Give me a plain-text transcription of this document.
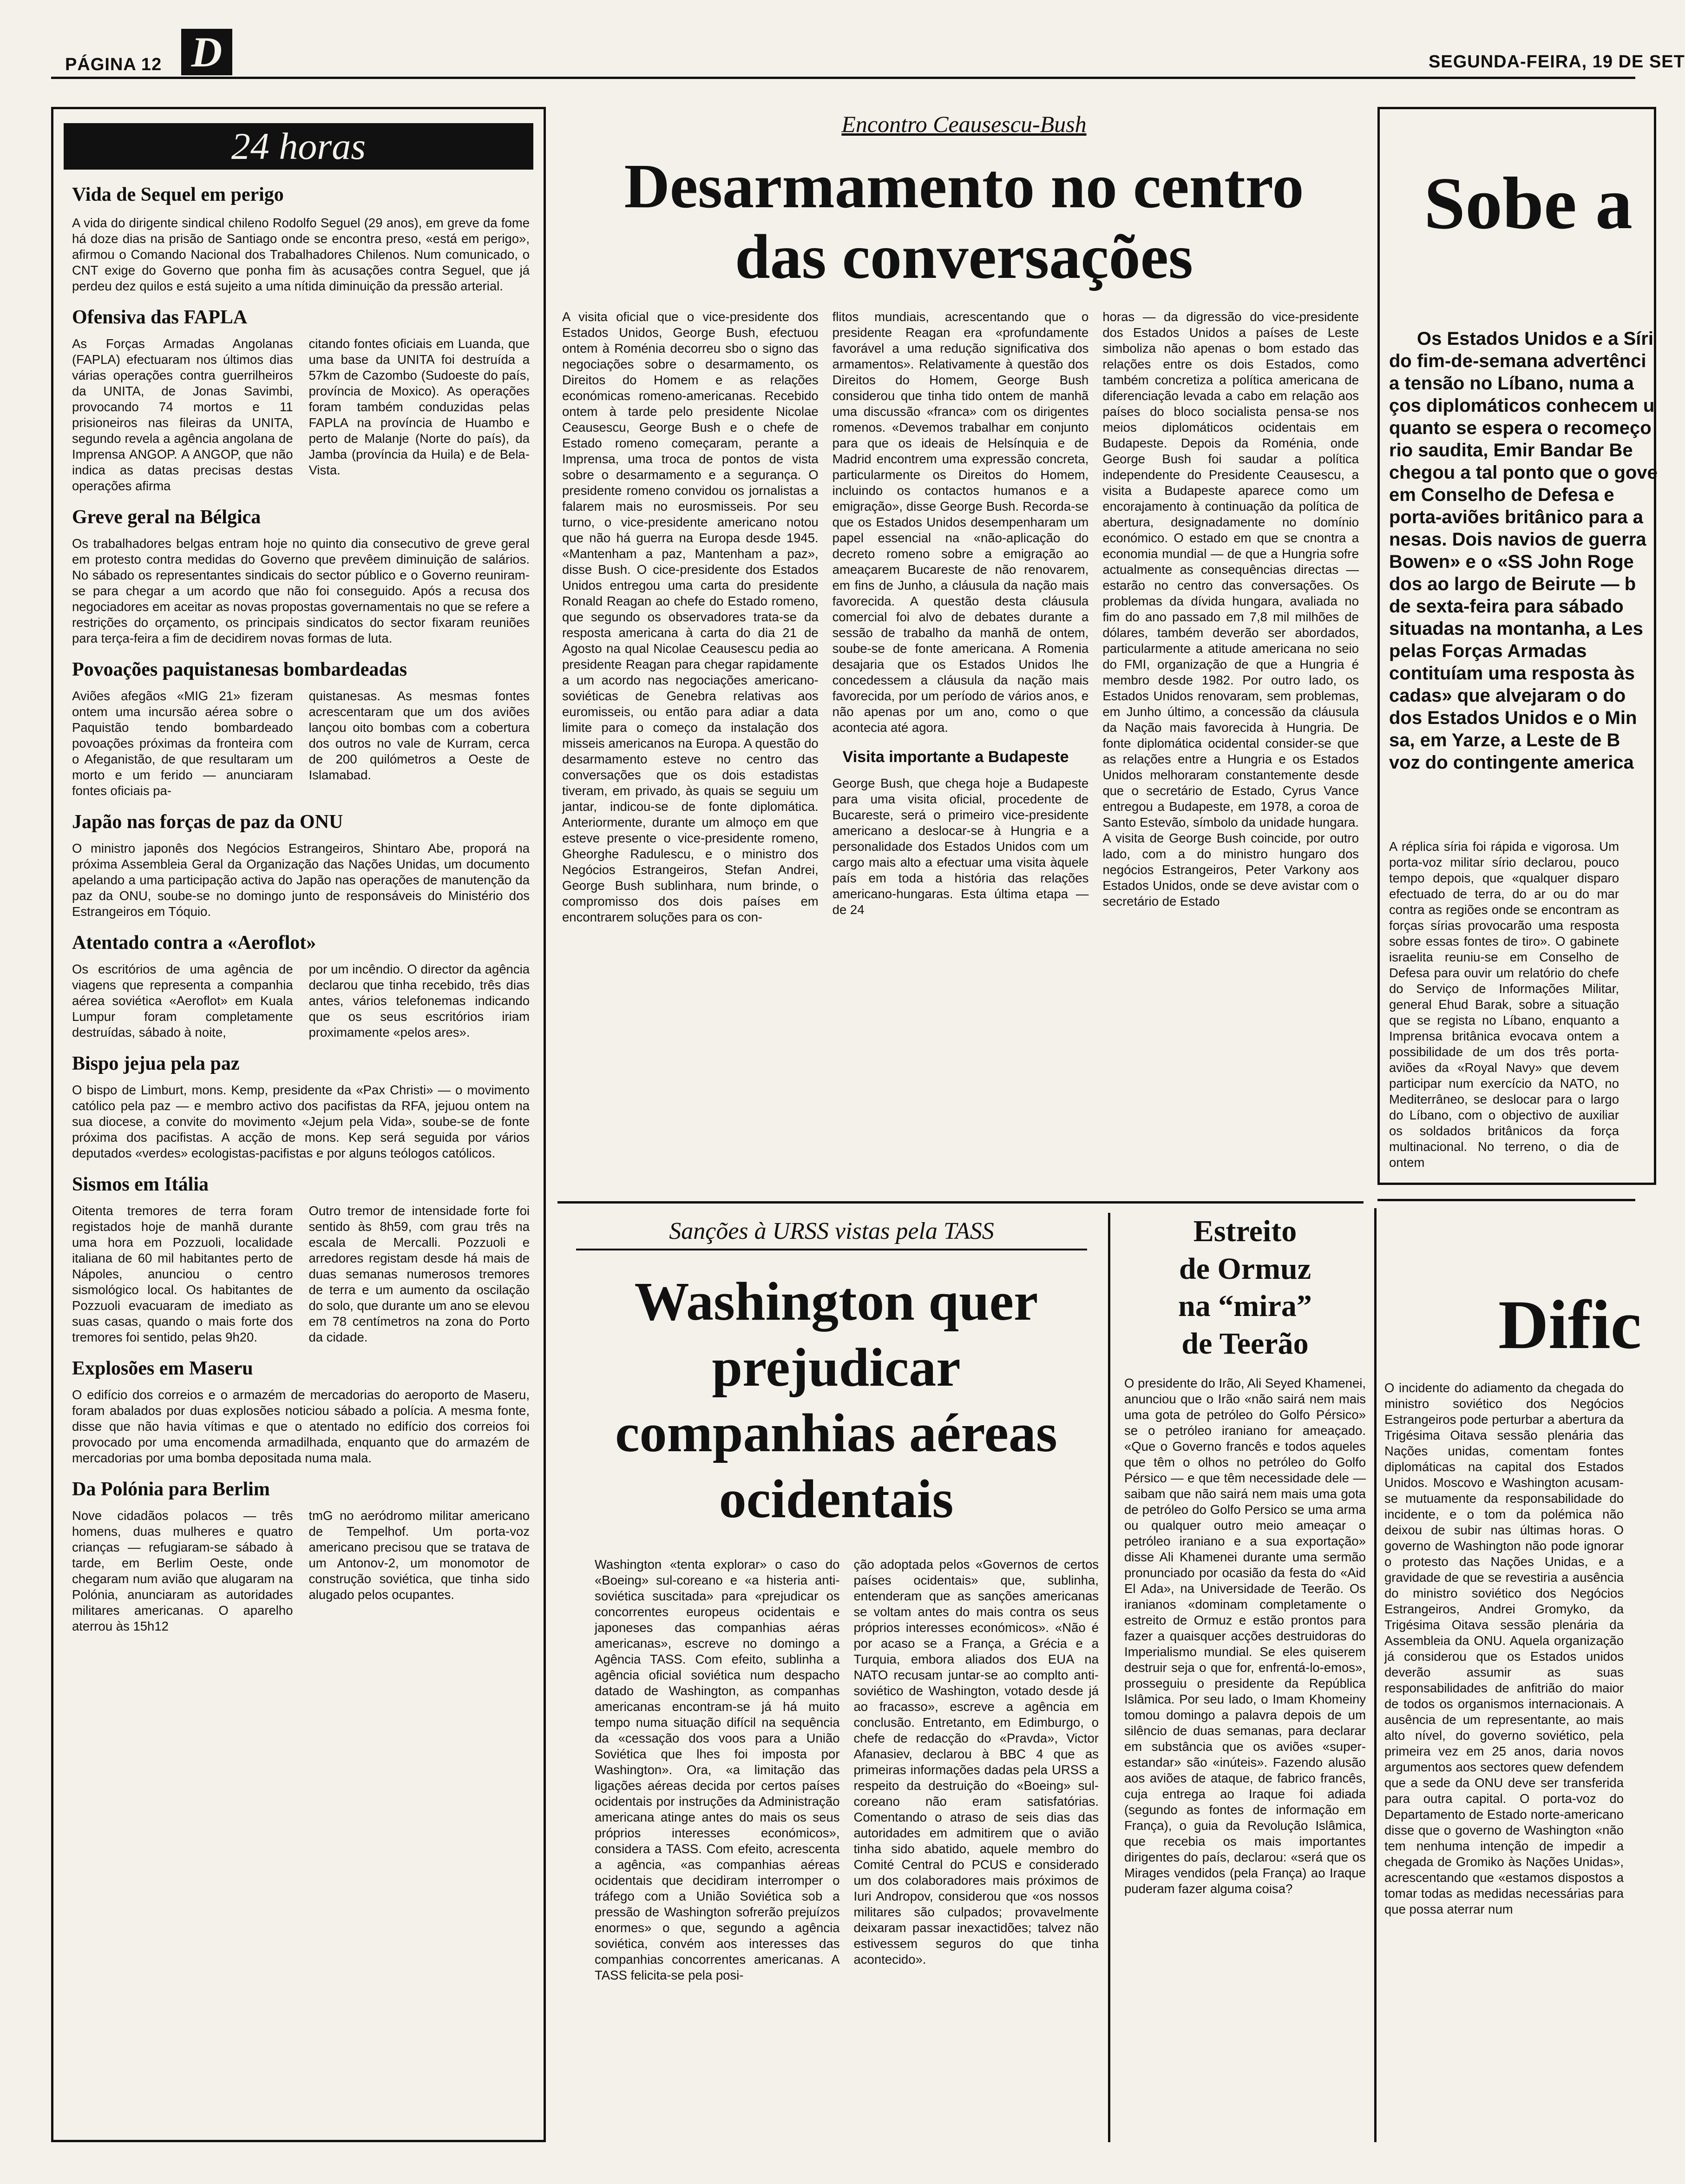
PÁGINA 12 D	SEGUNDA-FEIRA, 19 DE SET
24 horas
Vida de Sequel em perigo

A vida do dirigente sindical chileno Rodolfo Seguel (29 anos), em greve da fome há doze dias na prisão de Santiago onde se encontra preso, «está em perigo», afirmou o Comando Nacional dos Trabalhadores Chilenos. Num comunicado, o CNT exige do Governo que ponha fim às acusações contra Seguel, que já perdeu dez quilos e está sujeito a uma nítida diminuição da pressão arterial.

Ofensiva das FAPLA

As Forças Armadas Angolanas (FAPLA) efectuaram nos últimos dias várias operações contra guerrilheiros da UNITA, de Jonas Savimbi, provocando 74 mortos e 11 prisioneiros nas fileiras da UNITA, segundo revela a agência angolana de Imprensa ANGOP. A ANGOP, que não indica as datas precisas destas operações afirma

citando fontes oficiais em Luanda, que uma base da UNITA foi destruída a 57km de Cazombo (Sudoeste do país, província de Moxico). As operações foram também conduzidas pelas FAPLA na província de Huambo e perto de Malanje (Norte do país), da Jamba (província da Huila) e de Bela-Vista.

Greve geral na Bélgica

Os trabalhadores belgas entram hoje no quinto dia consecutivo de greve geral em protesto contra medidas do Governo que prevêem diminuição de salários. No sábado os representantes sindicais do sector público e o Governo reuniram-se para chegar a um acordo que não foi conseguido. Após a recusa dos negociadores em aceitar as novas propostas governamentais no que se refere a restrições do orçamento, os principais sindicatos do sector fixaram reuniões para terça-feira a fim de decidirem novas formas de luta.

Povoações paquistanesas bombardeadas

Aviões afegãos «MIG 21» fizeram ontem uma incursão aérea sobre o Paquistão tendo bombardeado povoações próximas da fronteira com o Afeganistão, de que resultaram um morto e um ferido — anunciaram fontes oficiais pa-

quistanesas. As mesmas fontes acrescentaram que um dos aviões lançou oito bombas com a cobertura dos outros no vale de Kurram, cerca de 200 quilómetros a Oeste de Islamabad.

Japão nas forças de paz da ONU

O ministro japonês dos Negócios Estrangeiros, Shintaro Abe, proporá na próxima Assembleia Geral da Organização das Nações Unidas, um documento apelando a uma participação activa do Japão nas operações de manutenção da paz da ONU, soube-se no domingo junto de responsáveis do Ministério dos Estrangeiros em Tóquio.

Atentado contra a «Aeroflot»

Os escritórios de uma agência de viagens que representa a companhia aérea soviética «Aeroflot» em Kuala Lumpur foram completamente destruídas, sábado à noite,

por um incêndio. O director da agência declarou que tinha recebido, três dias antes, vários telefonemas indicando que os seus escritórios iriam proximamente «pelos ares».

Bispo jejua pela paz

O bispo de Limburt, mons. Kemp, presidente da «Pax Christi» — o movimento católico pela paz — e membro activo dos pacifistas da RFA, jejuou ontem na sua diocese, a convite do movimento «Jejum pela Vida», soube-se de fonte próxima dos pacifistas. A acção de mons. Kep será seguida por vários deputados «verdes» ecologistas-pacifistas e por alguns teólogos católicos.

Sismos em Itália

Oitenta tremores de terra foram registados hoje de manhã durante uma hora em Pozzuoli, localidade italiana de 60 mil habitantes perto de Nápoles, anunciou o centro sismológico local. Os habitantes de Pozzuoli evacuaram de imediato as suas casas, quando o mais forte dos tremores foi sentido, pelas 9h20.

Outro tremor de intensidade forte foi sentido às 8h59, com grau três na escala de Mercalli. Pozzuoli e arredores registam desde há mais de duas semanas numerosos tremores de terra e um aumento da oscilação do solo, que durante um ano se elevou em 78 centímetros na zona do Porto da cidade.

Explosões em Maseru

O edifício dos correios e o armazém de mercadorias do aeroporto de Maseru, foram abalados por duas explosões noticiou sábado a polícia. A mesma fonte, disse que não havia vítimas e que o atentado no edifício dos correios foi provocado por uma encomenda armadilhada, enquanto que do armazém de mercadorias por uma bomba depositada numa mala.

Da Polónia para Berlim

Nove cidadãos polacos — três homens, duas mulheres e quatro crianças — refugiaram-se sábado à tarde, em Berlim Oeste, onde chegaram num avião que alugaram na Polónia, anunciaram as autoridades militares americanas. O aparelho aterrou às 15h12

tmG no aeródromo militar americano de Tempelhof. Um porta-voz americano precisou que se tratava de um Antonov-2, um monomotor de construção soviética, que tinha sido alugado pelos ocupantes.

Encontro Ceausescu-Bush
Desarmamento no centro
das conversações

A visita oficial que o vice-presidente dos Estados Unidos, George Bush, efectuou ontem à Roménia decorreu sbo o signo das negociações sobre o desarmamento, os Direitos do Homem e as relações económicas romeno-americanas. Recebido ontem à tarde pelo presidente Nicolae Ceausescu, George Bush e o chefe de Estado romeno começaram, perante a Imprensa, uma troca de pontos de vista sobre o desarmamento e a segurança. O presidente romeno convidou os jornalistas a falarem mais no eurosmisseis. Por seu turno, o vice-presidente americano notou que não há guerra na Europa desde 1945. «Mantenham a paz, Mantenham a paz», disse Bush. O cice-presidente dos Estados Unidos entregou uma carta do presidente Ronald Reagan ao chefe do Estado romeno, que segundo os observadores trata-se da resposta americana à carta do dia 21 de Agosto na qual Nicolae Ceausescu pedia ao presidente Reagan para chegar rapidamente a um acordo nas negociações americano-soviéticas de Genebra relativas aos euromisseis, ou então para adiar a data limite para o começo da instalação dos misseis americanos na Europa. A questão do desarmamento esteve no centro das conversações que os dois estadistas tiveram, em privado, às quais se seguiu um jantar, indicou-se de fonte diplomática. Anteriormente, durante um almoço em que esteve presente o vice-presidente romeno, Gheorghe Radulescu, e o ministro dos Negócios Estrangeiros, Stefan Andrei, George Bush sublinhara, num brinde, o compromisso dos dois países em encontrarem soluções para os con-

flitos mundiais, acrescentando que o presidente Reagan era «profundamente favorável a uma redução significativa dos armamentos». Relativamente à questão dos Direitos do Homem, George Bush considerou que tinha tido ontem de manhã uma discussão «franca» com os dirigentes romenos. «Devemos trabalhar em conjunto para que os ideais de Helsínquia e de Madrid encontrem uma expressão concreta, particularmente os Direitos do Homem, incluindo os contactos humanos e a emigração», disse George Bush. Recorda-se que os Estados Unidos desempenharam um papel essencial na «não-aplicação do decreto romeno sobre a emigração ao ameaçarem Bucareste de não renovarem, em fins de Junho, a cláusula da nação mais favorecida. A questão desta cláusula comercial foi alvo de debates durante a sessão de trabalho da manhã de ontem, soube-se de fonte americana. A Romenia desajaria que os Estados Unidos lhe concedessem a cláusula da nação mais favorecida, por um período de vários anos, e não apenas por um ano, como o que acontecia até agora.

Visita importante a Budapeste

George Bush, que chega hoje a Budapeste para uma visita oficial, procedente de Bucareste, será o primeiro vice-presidente americano a deslocar-se à Hungria e a personalidade dos Estados Unidos com um cargo mais alto a efectuar uma visita àquele país em toda a história das relações americano-hungaras. Esta última etapa — de 24

horas — da digressão do vice-presidente dos Estados Unidos a países de Leste simboliza não apenas o bom estado das relações entre os dois Estados, como também concretiza a política americana de diferenciação levada a cabo em relação aos países do bloco socialista pensa-se nos meios diplomáticos ocidentais em Budapeste. Depois da Roménia, onde George Bush foi saudar a política independente do Presidente Ceausescu, a visita a Budapeste aparece como um encorajamento à continuação da política de abertura, designadamente no domínio económico. O estado em que se cnontra a economia mundial — de que a Hungria sofre actualmente as consequências directas — estarão no centro das conversações. Os problemas da dívida hungara, avaliada no fim do ano passado em 7,8 mil milhões de dólares, também deverão ser abordados, particularmente a atitude americana no seio do FMI, organização de que a Hungria é membro desde 1982. Por outro lado, os Estados Unidos renovaram, sem problemas, em Junho último, a concessão da cláusula da Nação mais favorecida à Hungria. De fonte diplomática ocidental consider-se que as relações entre a Hungria e os Estados Unidos melhoraram constantemente desde que o secretário de Estado, Cyrus Vance entregou a Budapeste, em 1978, a coroa de Santo Estevão, símbolo da unidade hungara. A visita de George Bush coincide, por outro lado, com a do ministro hungaro dos negócios Estrangeiros, Peter Varkony aos Estados Unidos, onde se deve avistar com o secretário de Estado

Sanções à URSS vistas pela TASS
Washington quer
prejudicar
companhias aéreas
ocidentais

Washington «tenta explorar» o caso do «Boeing» sul-coreano e «a histeria anti-soviética suscitada» para «prejudicar os concorrentes europeus ocidentais e japoneses das companhias aéras americanas», escreve no domingo a Agência TASS. Com efeito, sublinha a agência oficial soviética num despacho datado de Washington, as companhas americanas encontram-se já há muito tempo numa situação difícil na sequência da «cessação dos voos para a União Soviética que lhes foi imposta por Washington». Ora, «a limitação das ligações aéreas decida por certos países ocidentais por instruções da Administração americana atinge antes do mais os seus próprios interesses económicos», considera a TASS. Com efeito, acrescenta a agência, «as companhias aéreas ocidentais que decidiram interromper o tráfego com a União Soviética sob a pressão de Washington sofrerão prejuízos enormes» o que, segundo a agência soviética, convém aos interesses das companhias concorrentes americanas. A TASS felicita-se pela posi-

ção adoptada pelos «Governos de certos países ocidentais» que, sublinha, entenderam que as sanções americanas se voltam antes do mais contra os seus próprios interesses económicos». «Não é por acaso se a França, a Grécia e a Turquia, embora aliados dos EUA na NATO recusam juntar-se ao complto anti-soviético de Washington, votado desde já ao fracasso», escreve a agência em conclusão. Entretanto, em Edimburgo, o chefe de redacção do «Pravda», Victor Afanasiev, declarou à BBC 4 que as primeiras informações dadas pela URSS a respeito da destruição do «Boeing» sul-coreano não eram satisfatórias. Comentando o atraso de seis dias das autoridades em admitirem que o avião tinha sido abatido, aquele membro do Comité Central do PCUS e considerado um dos colaboradores mais próximos de Iuri Andropov, considerou que «os nossos militares são culpados; provavelmente deixaram passar inexactidões; talvez não estivessem seguros do que tinha acontecido».

Estreito
de Ormuz
na “mira”
de Teerão

O presidente do Irão, Ali Seyed Khamenei, anunciou que o Irão «não sairá nem mais uma gota de petróleo do Golfo Pérsico» se o petróleo iraniano for ameaçado. «Que o Governo francês e todos aqueles que têm o olhos no petróleo do Golfo Pérsico — e que têm necessidade dele — saibam que não sairá nem mais uma gota de petróleo do Golfo Persico se uma arma ou qualquer outro meio ameaçar o petróleo iraniano e a sua exportação» disse Ali Khamenei durante uma sermão pronunciado por ocasião da festa do «Aid El Ada», na Universidade de Teerão. Os iranianos «dominam completamente o estreito de Ormuz e estão prontos para fazer a quaisquer acções destruidoras do Imperialismo mundial. Se eles quiserem destruir seja o que for, enfrentá-lo-emos», prosseguiu o presidente da República Islâmica. Por seu lado, o Imam Khomeiny tomou domingo a palavra depois de um silêncio de duas semanas, para declarar em substância que os aviões «super-estandar» são «inúteis». Fazendo alusão aos aviões de ataque, de fabrico francês, cuja entrega ao Iraque foi adiada (segundo as fontes de informação em França), o guia da Revolução Islâmica, que recebia os mais importantes dirigentes do país, declarou: «será que os Mirages vendidos (pela França) ao Iraque puderam fazer alguma coisa?

Sobe a
Os Estados Unidos e a Síri
do fim-de-semana advertênci
a tensão no Líbano, numa a
ços diplomáticos conhecem u
quanto se espera o recomeço
rio saudita, Emir Bandar Be
chegou a tal ponto que o gove
em Conselho de Defesa e
porta-aviões britânico para a
nesas. Dois navios de guerra
Bowen» e o «SS John Roge
dos ao largo de Beirute — b
de sexta-feira para sábado
situadas na montanha, a Les
pelas Forças Armadas
contituíam uma resposta às
cadas» que alvejaram o do
dos Estados Unidos e o Min
sa, em Yarze, a Leste de B
voz do contingente america

A réplica síria foi rápida e vigorosa. Um porta-voz militar sírio declarou, pouco tempo depois, que «qualquer disparo efectuado de terra, do ar ou do mar contra as regiões onde se encontram as forças sírias provocarão uma resposta sobre essas fontes de tiro». O gabinete israelita reuniu-se em Conselho de Defesa para ouvir um relatório do chefe do Serviço de Informações Militar, general Ehud Barak, sobre a situação que se regista no Líbano, enquanto a Imprensa britânica evocava ontem a possibilidade de um dos três porta-aviões da «Royal Navy» que devem participar num exercício da NATO, no Mediterrâneo, se deslocar para o largo do Líbano, com o objectivo de auxiliar os soldados britânicos da força multinacional. No terreno, o dia de ontem

Dific

O incidente do adiamento da chegada do ministro soviético dos Negócios Estrangeiros pode perturbar a abertura da Trigésima Oitava sessão plenária das Nações unidas, comentam fontes diplomáticas na capital dos Estados Unidos. Moscovo e Washington acusam-se mutuamente da responsabilidade do incidente, e o tom da polémica não deixou de subir nas últimas horas. O governo de Washington não pode ignorar o protesto das Nações Unidas, e a gravidade de que se revestiria a ausência do ministro soviético dos Negócios Estrangeiros, Andrei Gromyko, da Trigésima Oitava sessão plenária da Assembleia da ONU. Aquela organização já considerou que os Estados unidos deverão assumir as suas responsabilidades de anfitrião do maior de todos os organismos internacionais. A ausência de um representante, ao mais alto nível, do governo soviético, pela primeira vez em 25 anos, daria novos argumentos aos sectores quew defendem que a sede da ONU deve ser transferida para outra capital. O porta-voz do Departamento de Estado norte-americano disse que o governo de Washington «não tem nenhuma intenção de impedir a chegada de Gromiko às Nações Unidas», acrescentando que «estamos dispostos a tomar todas as medidas necessárias para que possa aterrar num
